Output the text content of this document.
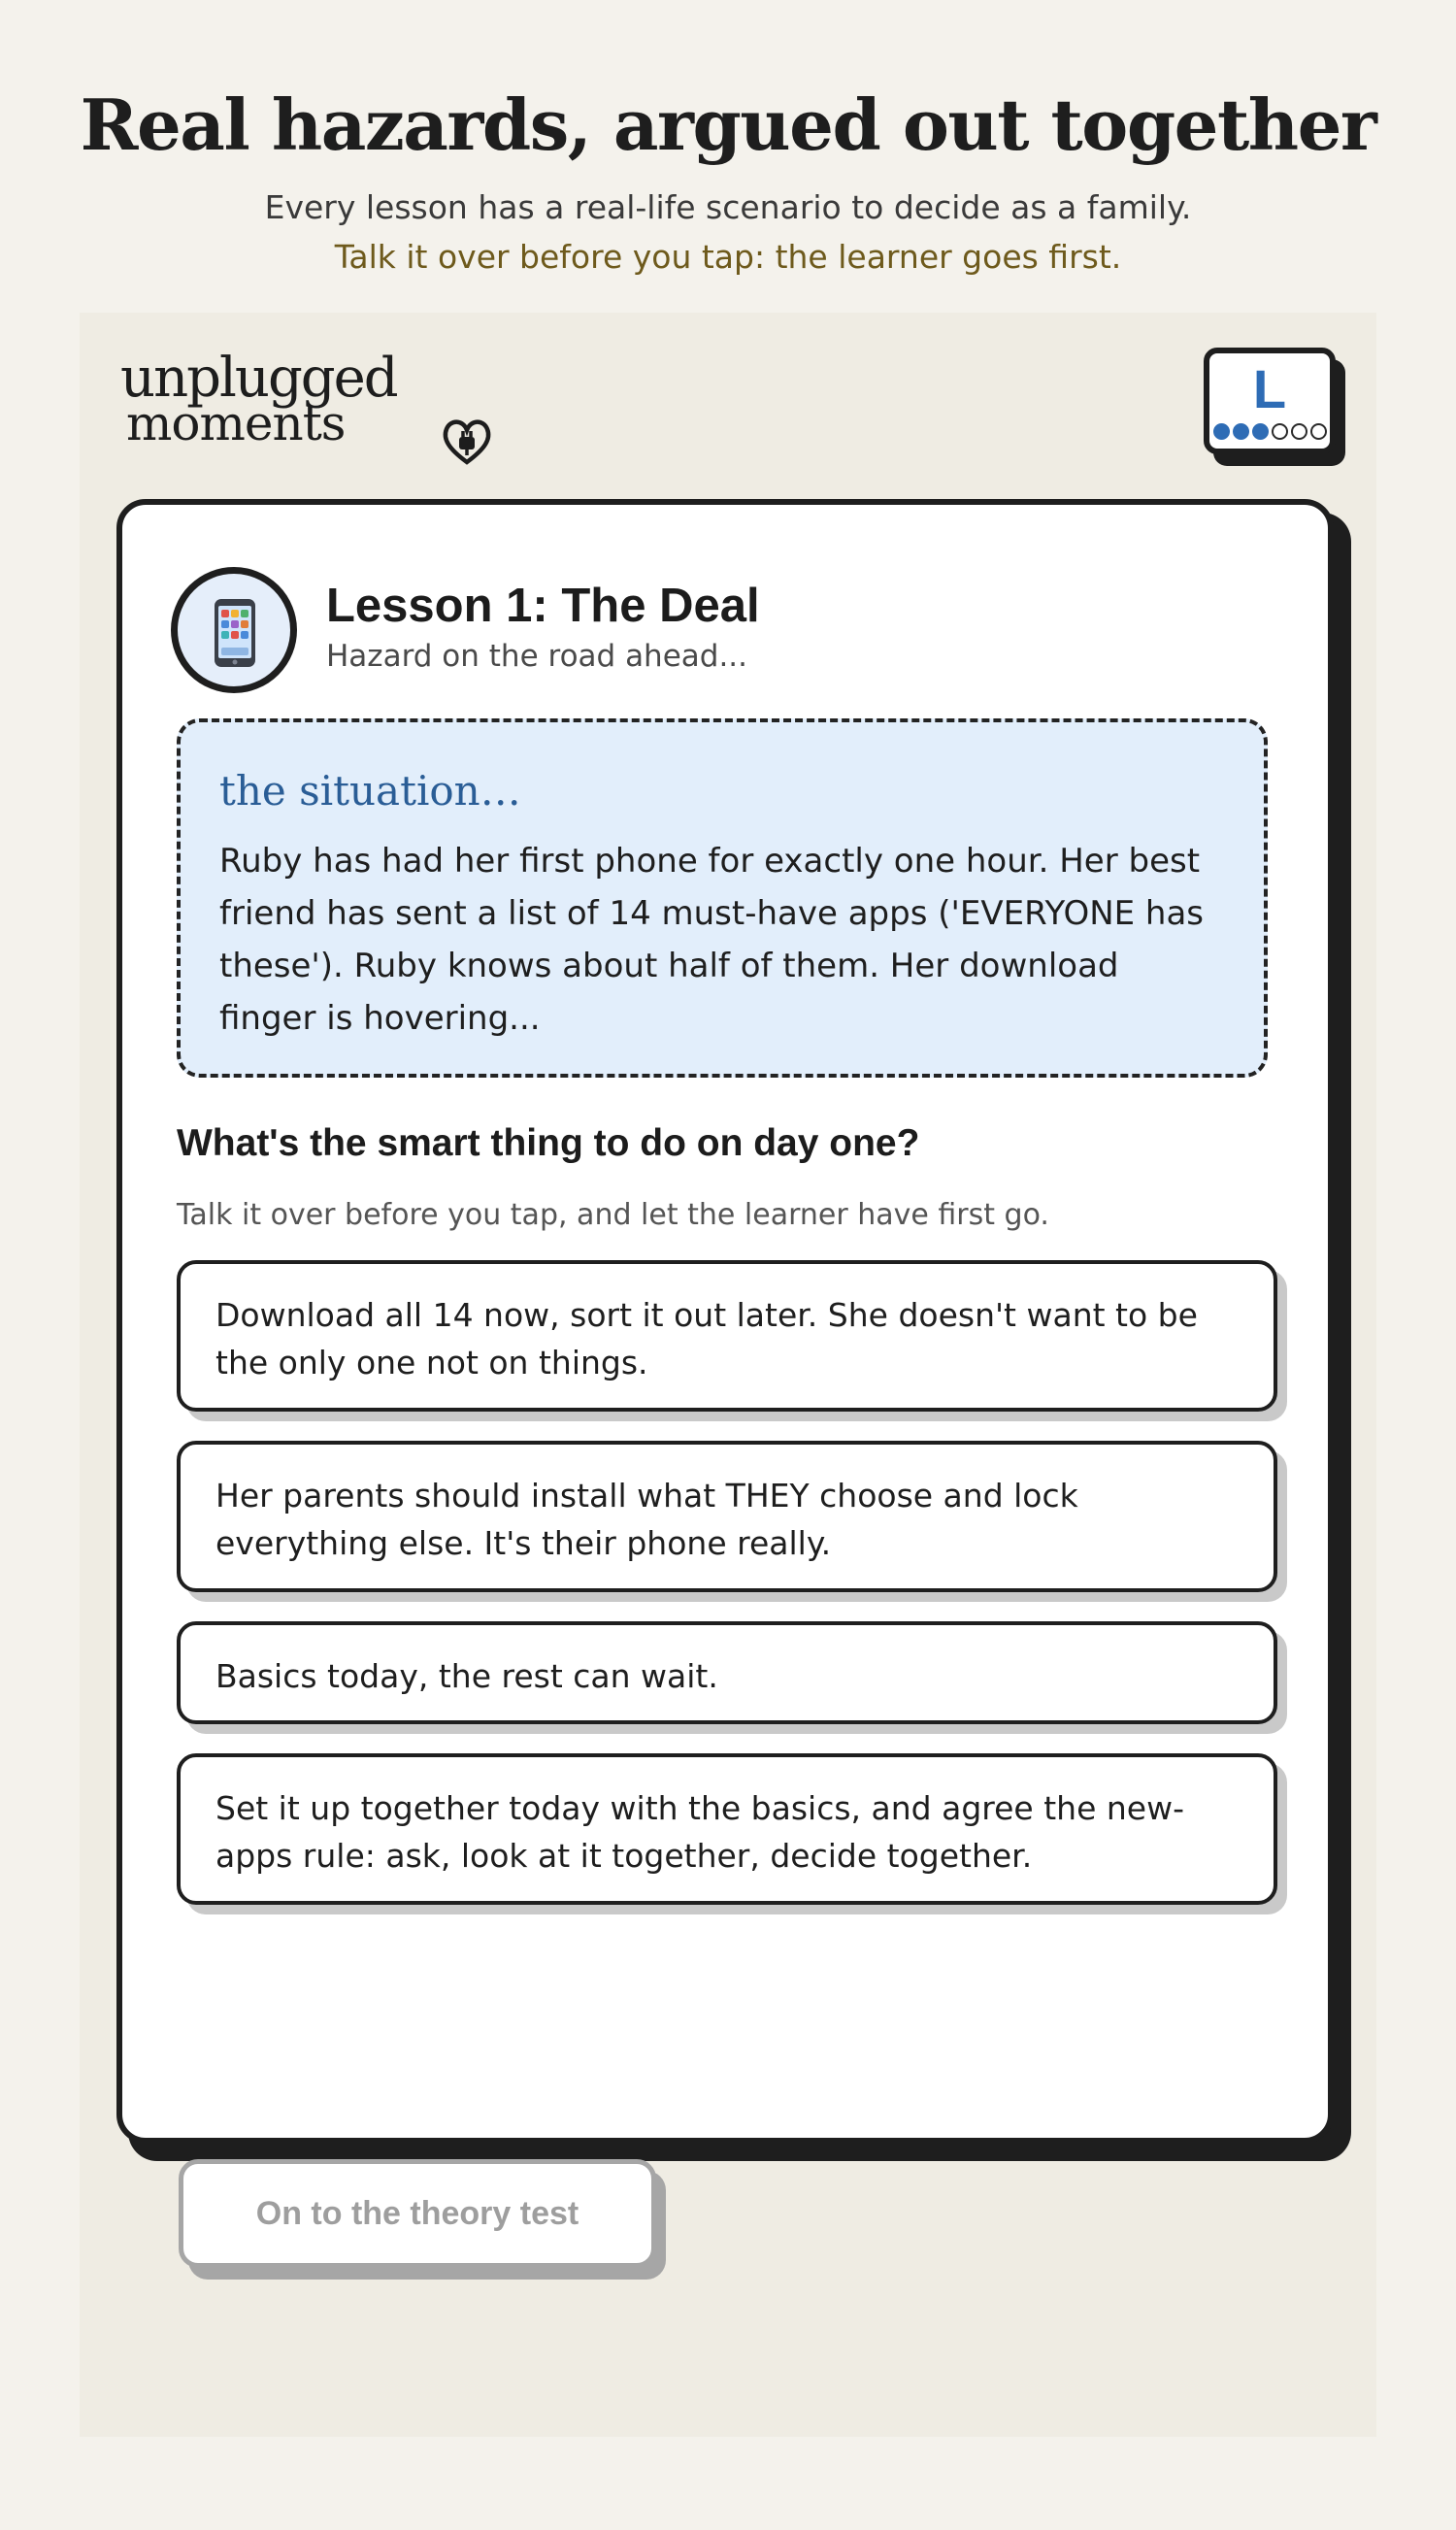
Real hazards, argued out together

Every lesson has a real-life scenario to decide as a family.

Talk it over before you tap: the learner goes first.

unplugged
moments
L
Lesson 1: The Deal

Hazard on the road ahead...

the situation…

Ruby has had her first phone for exactly one hour. Her best friend has sent a list of 14 must-have apps ('EVERYONE has these'). Ruby knows about half of them. Her download finger is hovering...

What's the smart thing to do on day one?

Talk it over before you tap, and let the learner have first go.

Download all 14 now, sort it out later. She doesn't want to be the only one not on things.
Her parents should install what THEY choose and lock everything else. It's their phone really.
Basics today, the rest can wait.
Set it up together today with the basics, and agree the new-apps rule: ask, look at it together, decide together.
On to the theory test
